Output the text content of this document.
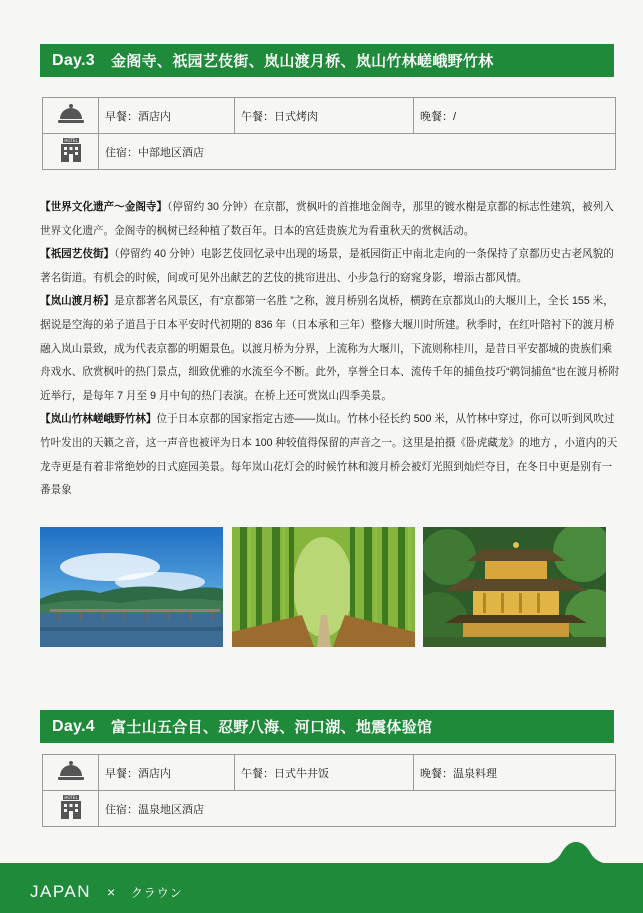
Day.3 金阁寺、祇园艺伎街、岚山渡月桥、岚山竹林嵯峨野竹林
	早餐：酒店内	午餐：日式烤肉	晚餐：/

HOTEL	住宿：中部地区酒店		

【世界文化遗产～金阁寺】（停留约 30 分钟）在京都，赏枫叶的首推地金阁寺，那里的镀水榭是京都的标志性建筑，被列入世界文化遗产。金阁寺的枫树已经种植了数百年。日本的宫廷贵族尤为看重秋天的赏枫活动。

【祇园艺伎街】（停留约 40 分钟）电影艺伎回忆录中出现的场景，是祇园街正中南北走向的一条保持了京都历史古老风貌的著名街道。有机会的时候，间或可见外出献艺的艺伎的挑帘进出、小步急行的窈窕身影，增添古都风情。

【岚山渡月桥】是京都著名风景区，有“京都第一名胜 ”之称，渡月桥别名岚桥，横跨在京都岚山的大堰川上，全长 155 米，据说是空海的弟子道昌于日本平安时代初期的 836 年（日本承和三年）整修大堰川时所建。秋季时，在红叶陪衬下的渡月桥融入岚山景致，成为代表京都的明媚景色。以渡月桥为分界，上流称为大堰川，下流则称桂川，是昔日平安都城的贵族们乘舟戏水、欣赏枫叶的热门景点，细致优雅的水流至今不断。此外，享誉全日本、流传千年的捕鱼技巧“鹈饲捕鱼”也在渡月桥附近举行，是每年 7 月至 9 月中旬的热门表演。在桥上还可赏岚山四季美景。

【岚山竹林嵯峨野竹林】位于日本京都的国家指定古迹——岚山。竹林小径长约 500 米，从竹林中穿过，你可以听到风吹过竹叶发出的天籁之音，这一声音也被评为日本 100 种较值得保留的声音之一。这里是拍摄《卧虎藏龙》的地方 ，小道内的天龙寺更是有着非常绝妙的日式庭园美景。每年岚山花灯会的时候竹林和渡月桥会被灯光照到灿烂夺目，在冬日中更是别有一番景象

Day.4 富士山五合目、忍野八海、河口湖、地震体验馆
	早餐：酒店内	午餐：日式牛井饭	晚餐：温泉料理

HOTEL	住宿：温泉地区酒店		
JAPAN × クラウン
